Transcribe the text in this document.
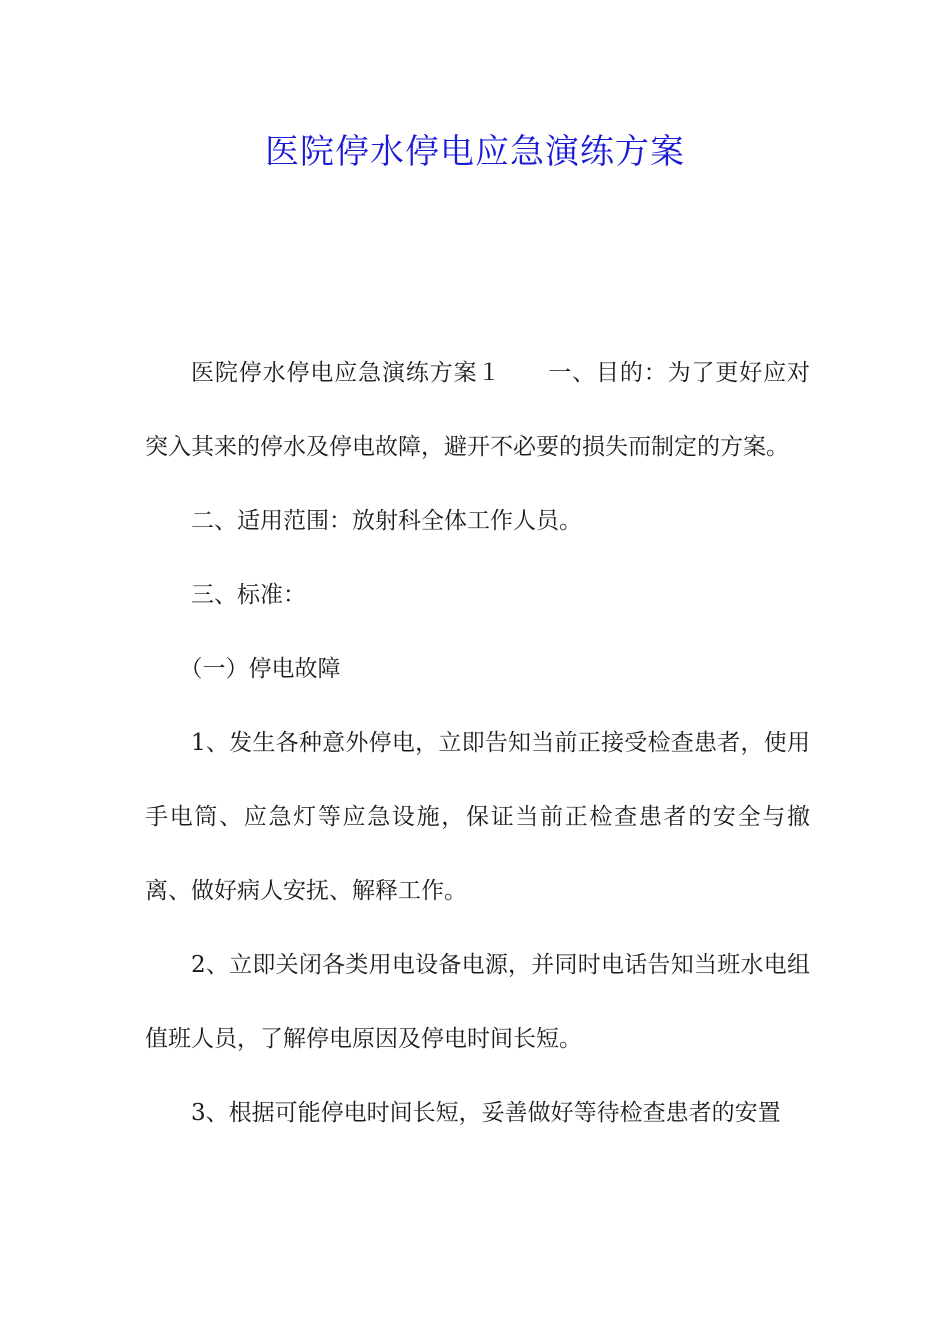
医院停水停电应急演练方案

医院停水停电应急演练方案１ 一、目的：为了更好应对突入其来的停水及停电故障，避开不必要的损失而制定的方案。

二、适用范围：放射科全体工作人员。

三、标准：

（一）停电故障

1、发生各种意外停电，立即告知当前正接受检查患者，使用手电筒、应急灯等应急设施，保证当前正检查患者的安全与撤离、做好病人安抚、解释工作。

2、立即关闭各类用电设备电源，并同时电话告知当班水电组值班人员，了解停电原因及停电时间长短。

3、根据可能停电时间长短，妥善做好等待检查患者的安置
